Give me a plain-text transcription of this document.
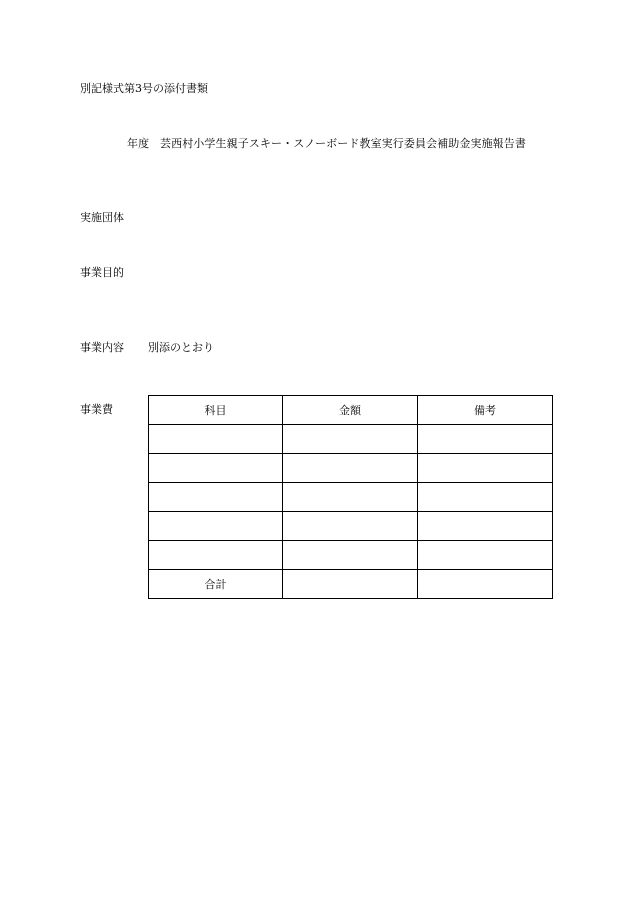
別記様式第3号の添付書類
年度 芸西村小学生親子スキー・スノーボード教室実行委員会補助金実施報告書
実施団体
事業目的
事業内容 別添のとおり
事業費	科目	金額	備考

合計		
